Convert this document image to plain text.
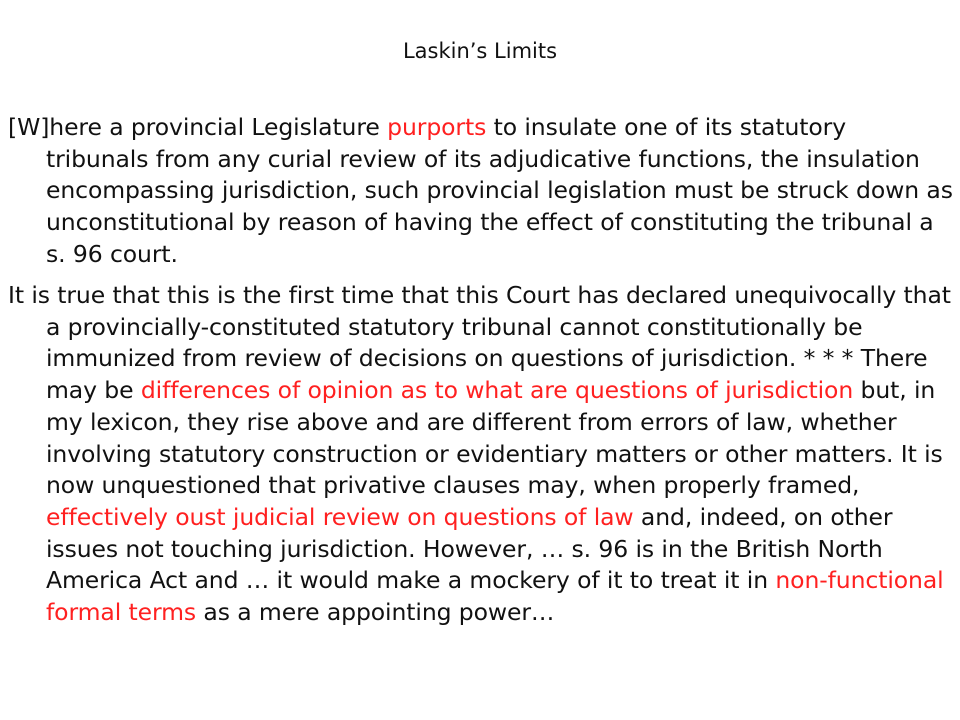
Laskin’s Limits
[W]here a provincial Legislature purports to insulate one of its statutory tribunals from any curial review of its adjudicative functions, the insulation encompassing jurisdiction, such provincial legislation must be struck down as unconstitutional by reason of having the effect of constituting the tribunal a s. 96 court.
It is true that this is the first time that this Court has declared unequivocally that a provincially-constituted statutory tribunal cannot constitutionally be immunized from review of decisions on questions of jurisdiction. * * * There may be differences of opinion as to what are questions of jurisdiction but, in my lexicon, they rise above and are different from errors of law, whether involving statutory construction or evidentiary matters or other matters. It is now unquestioned that privative clauses may, when properly framed, effectively oust judicial review on questions of law and, indeed, on other issues not touching jurisdiction. However, … s. 96 is in the British North America Act and … it would make a mockery of it to treat it in non-functional formal terms as a mere appointing power…
